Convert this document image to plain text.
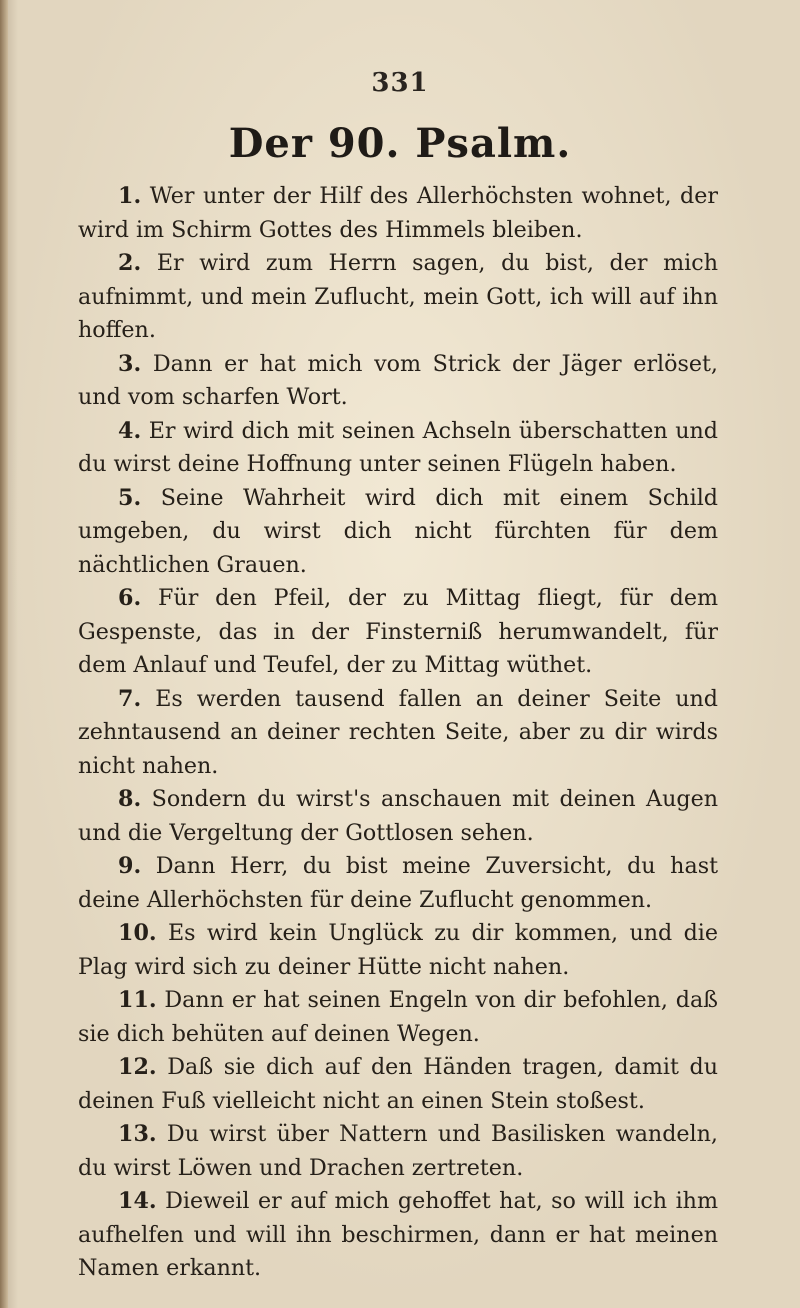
331
Der 90. Psalm.

1. Wer unter der Hilf des Allerhöchsten wohnet, der wird im Schirm Gottes des Himmels bleiben.

2. Er wird zum Herrn sagen, du bist, der mich aufnimmt, und mein Zuflucht, mein Gott, ich will auf ihn hoffen.

3. Dann er hat mich vom Strick der Jäger erlöset, und vom scharfen Wort.

4. Er wird dich mit seinen Achseln überschatten und du wirst deine Hoffnung unter seinen Flügeln haben.

5. Seine Wahrheit wird dich mit einem Schild umgeben, du wirst dich nicht fürchten für dem nächtlichen Grauen.

6. Für den Pfeil, der zu Mittag fliegt, für dem Gespenste, das in der Finsterniß herumwandelt, für dem Anlauf und Teufel, der zu Mittag wüthet.

7. Es werden tausend fallen an deiner Seite und zehntausend an deiner rechten Seite, aber zu dir wirds nicht nahen.

8. Sondern du wirst's anschauen mit deinen Augen und die Vergeltung der Gottlosen sehen.

9. Dann Herr, du bist meine Zuversicht, du hast deine Allerhöchsten für deine Zuflucht genommen.

10. Es wird kein Unglück zu dir kommen, und die Plag wird sich zu deiner Hütte nicht nahen.

11. Dann er hat seinen Engeln von dir befohlen, daß sie dich behüten auf deinen Wegen.

12. Daß sie dich auf den Händen tragen, damit du deinen Fuß vielleicht nicht an einen Stein stoßest.

13. Du wirst über Nattern und Basilisken wandeln, du wirst Löwen und Drachen zertreten.

14. Dieweil er auf mich gehoffet hat, so will ich ihm aufhelfen und will ihn beschirmen, dann er hat meinen Namen erkannt.
